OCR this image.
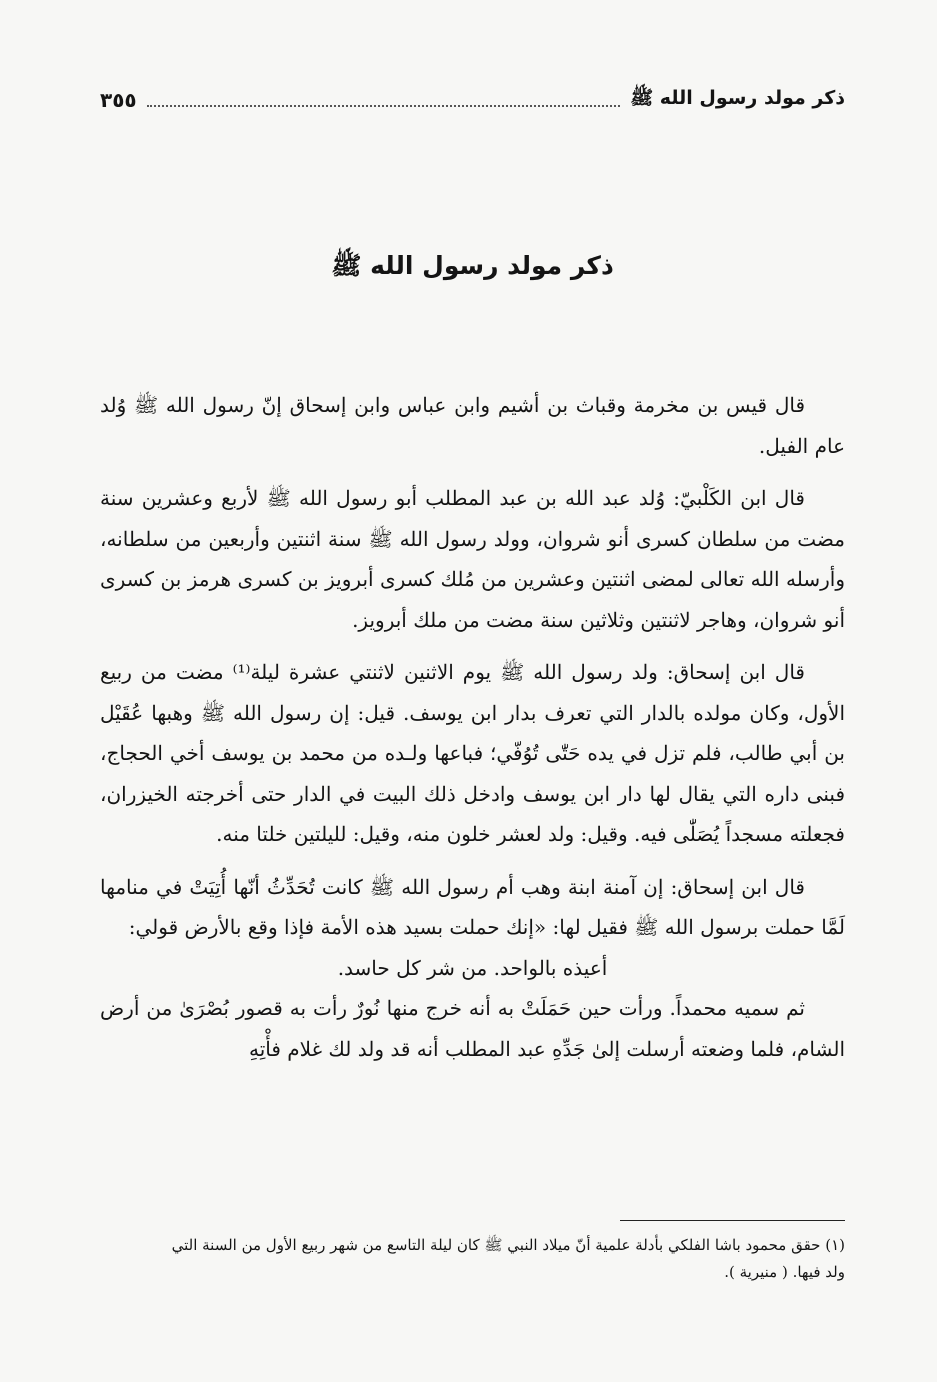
ذكر مولد رسول الله ﷺ
٣٥٥
ذكر مولد رسول الله ﷺ

قال قيس بن مخرمة وقباث بن أشيم وابن عباس وابن إسحاق إنّ رسول الله ﷺ وُلد عام الفيل.

قال ابن الكَلْبيّ: وُلد عبد الله بن عبد المطلب أبو رسول الله ﷺ لأربع وعشرين سنة مضت من سلطان كسرى أنو شروان، وولد رسول الله ﷺ سنة اثنتين وأربعين من سلطانه، وأرسله الله تعالى لمضى اثنتين وعشرين من مُلك كسرى أبرويز بن كسرى هرمز بن كسرى أنو شروان، وهاجر لاثنتين وثلاثين سنة مضت من ملك أبرويز.

قال ابن إسحاق: ولد رسول الله ﷺ يوم الاثنين لاثنتي عشرة ليلة⁽¹⁾ مضت من ربيع الأول، وكان مولده بالدار التي تعرف بدار ابن يوسف. قيل: إن رسول الله ﷺ وهبها عُقَيْل بن أبي طالب، فلم تزل في يده حَتّٰى تُوُفّي؛ فباعها ولـده من محمد بن يوسف أخي الحجاج، فبنى داره التي يقال لها دار ابن يوسف وادخل ذلك البيت في الدار حتى أخرجته الخيزران، فجعلته مسجداً يُصَلّٰى فيه. وقيل: ولد لعشر خلون منه، وقيل: لليلتين خلتا منه.

قال ابن إسحاق: إن آمنة ابنة وهب أم رسول الله ﷺ كانت تُحَدِّثُ أنّها أُتِيَتْ في منامها لَمَّا حملت برسول الله ﷺ فقيل لها: «إنك حملت بسيد هذه الأمة فإذا وقع بالأرض قولي:

أعيذه بالواحد. من شر كل حاسد.

ثم سميه محمداً. ورأت حين حَمَلَتْ به أنه خرج منها نُورٌ رأت به قصور بُصْرَىٰ من أرض الشام، فلما وضعته أرسلت إلىٰ جَدِّهِ عبد المطلب أنه قد ولد لك غلام فأْتِهِ

(١) حقق محمود باشا الفلكي بأدلة علمية أنّ ميلاد النبي ﷺ كان ليلة التاسع من شهر ربيع الأول من السنة التي
ولد فيها. ( منيرية ).
